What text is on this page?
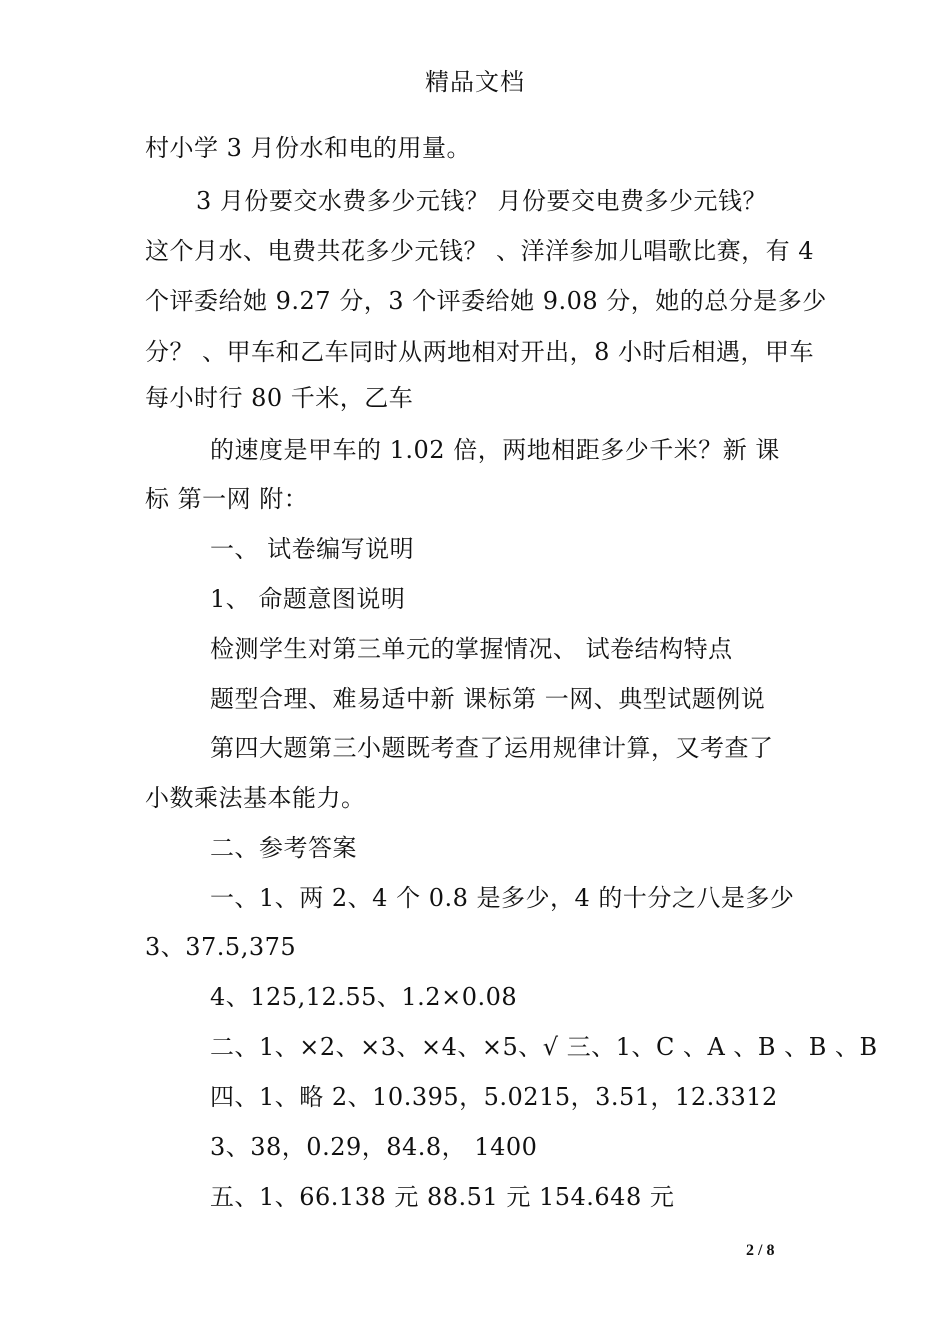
精品文档
村小学 3 月份水和电的用量。
3 月份要交水费多少元钱？ 月份要交电费多少元钱？
这个月水、电费共花多少元钱？ 、洋洋参加儿唱歌比赛，有 4
个评委给她 9.27 分，3 个评委给她 9.08 分，她的总分是多少
分？ 、甲车和乙车同时从两地相对开出，8 小时后相遇，甲车
每小时行 80 千米，乙车
的速度是甲车的 1.02 倍，两地相距多少千米？新 课
标 第一网 附：
一、 试卷编写说明
1、 命题意图说明
检测学生对第三单元的掌握情况、 试卷结构特点
题型合理、难易适中新 课标第 一网、典型试题例说
第四大题第三小题既考查了运用规律计算，又考查了
小数乘法基本能力。
二、参考答案
一、1、两 2、4 个 0.8 是多少，4 的十分之八是多少
3、37.5,375
4、125,12.55、1.2×0.08
二、1、×2、×3、×4、×5、√ 三、1、C 、A 、B 、B 、B
四、1、略 2、10.395，5.0215，3.51，12.3312
3、38，0.29，84.8， 1400
五、1、66.138 元 88.51 元 154.648 元
2 / 8
